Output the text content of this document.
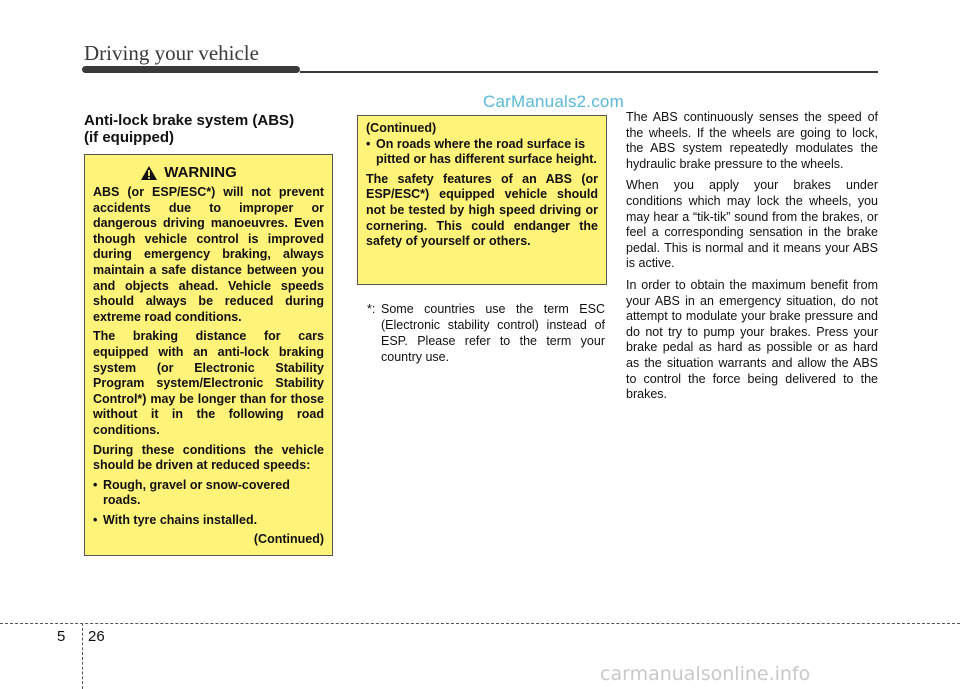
Driving your vehicle
CarManuals2.com
Anti-lock brake system (ABS)
(if equipped)
WARNING

ABS (or ESP/ESC*) will not prevent accidents due to improper or dangerous driving manoeuvres. Even though vehicle control is improved during emergency braking, always maintain a safe distance between you and objects ahead. Vehicle speeds should always be reduced during extreme road conditions.

The braking distance for cars equipped with an anti-lock braking system (or Electronic Stability Program system/Electronic Stability Control*) may be longer than for those without it in the following road conditions.

During these conditions the vehicle should be driven at reduced speeds:

• Rough, gravel or snow-covered roads.
• With tyre chains installed.
(Continued)
(Continued)
• On roads where the road surface is pitted or has different surface height.

The safety features of an ABS (or ESP/ESC*) equipped vehicle should not be tested by high speed driving or cornering. This could endanger the safety of yourself or others.

*: Some countries use the term ESC (Electronic stability control) instead of ESP. Please refer to the term your country use.

The ABS continuously senses the speed of the wheels. If the wheels are going to lock, the ABS system repeatedly modulates the hydraulic brake pressure to the wheels.

When you apply your brakes under conditions which may lock the wheels, you may hear a “tik-tik” sound from the brakes, or feel a corresponding sensation in the brake pedal. This is normal and it means your ABS is active.

In order to obtain the maximum benefit from your ABS in an emergency situation, do not attempt to modulate your brake pressure and do not try to pump your brakes. Press your brake pedal as hard as possible or as hard as the situation warrants and allow the ABS to control the force being delivered to the brakes.

5 26
carmanualsonline.info
